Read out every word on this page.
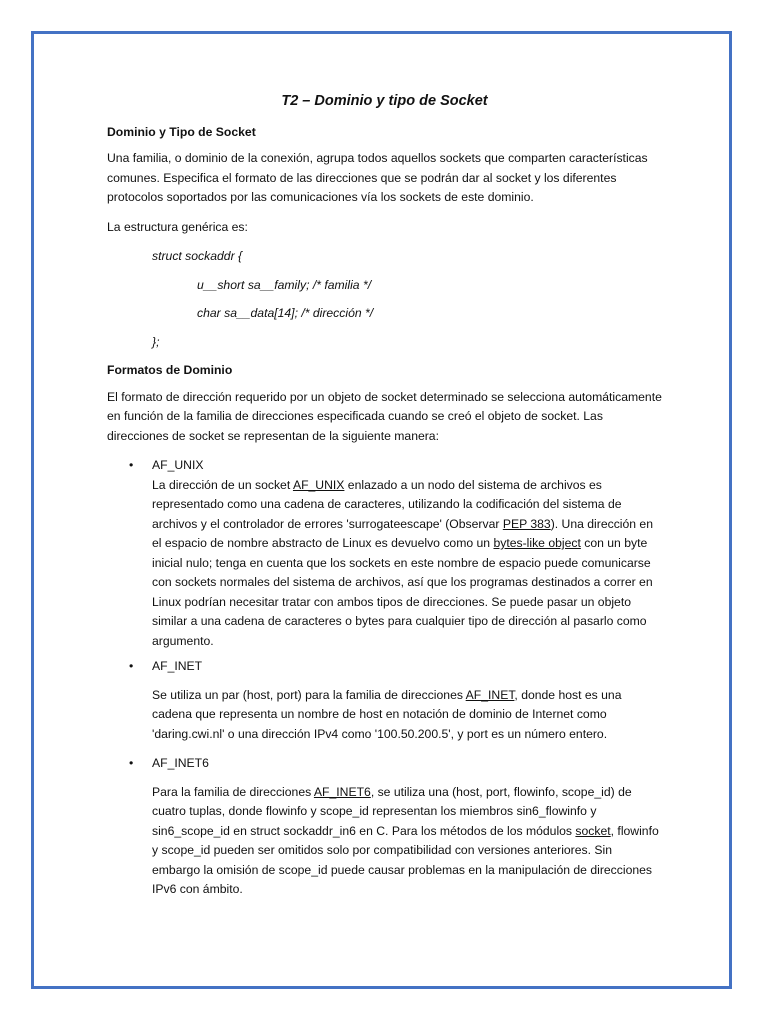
T2 – Dominio y tipo de Socket
Dominio y Tipo de Socket

Una familia, o dominio de la conexión, agrupa todos aquellos sockets que comparten características comunes. Especifica el formato de las direcciones que se podrán dar al socket y los diferentes protocolos soportados por las comunicaciones vía los sockets de este dominio.

La estructura genérica es:

struct sockaddr {
u__short sa__family; /* familia */
char sa__data[14]; /* dirección */
};
Formatos de Dominio

El formato de dirección requerido por un objeto de socket determinado se selecciona automáticamente en función de la familia de direcciones especificada cuando se creó el objeto de socket. Las direcciones de socket se representan de la siguiente manera:

• AF_UNIX
La dirección de un socket AF_UNIX enlazado a un nodo del sistema de archivos es representado como una cadena de caracteres, utilizando la codificación del sistema de archivos y el controlador de errores 'surrogateescape' (Observar PEP 383). Una dirección en el espacio de nombre abstracto de Linux es devuelvo como un bytes-like object con un byte inicial nulo; tenga en cuenta que los sockets en este nombre de espacio puede comunicarse con sockets normales del sistema de archivos, así que los programas destinados a correr en Linux podrían necesitar tratar con ambos tipos de direcciones. Se puede pasar un objeto similar a una cadena de caracteres o bytes para cualquier tipo de dirección al pasarlo como argumento.
• AF_INET
Se utiliza un par (host, port) para la familia de direcciones AF_INET, donde host es una cadena que representa un nombre de host en notación de dominio de Internet como 'daring.cwi.nl' o una dirección IPv4 como '100.50.200.5', y port es un número entero.
• AF_INET6
Para la familia de direcciones AF_INET6, se utiliza una (host, port, flowinfo, scope_id) de cuatro tuplas, donde flowinfo y scope_id representan los miembros sin6_flowinfo y sin6_scope_id en struct sockaddr_in6 en C. Para los métodos de los módulos socket, flowinfo y scope_id pueden ser omitidos solo por compatibilidad con versiones anteriores. Sin embargo la omisión de scope_id puede causar problemas en la manipulación de direcciones IPv6 con ámbito.
